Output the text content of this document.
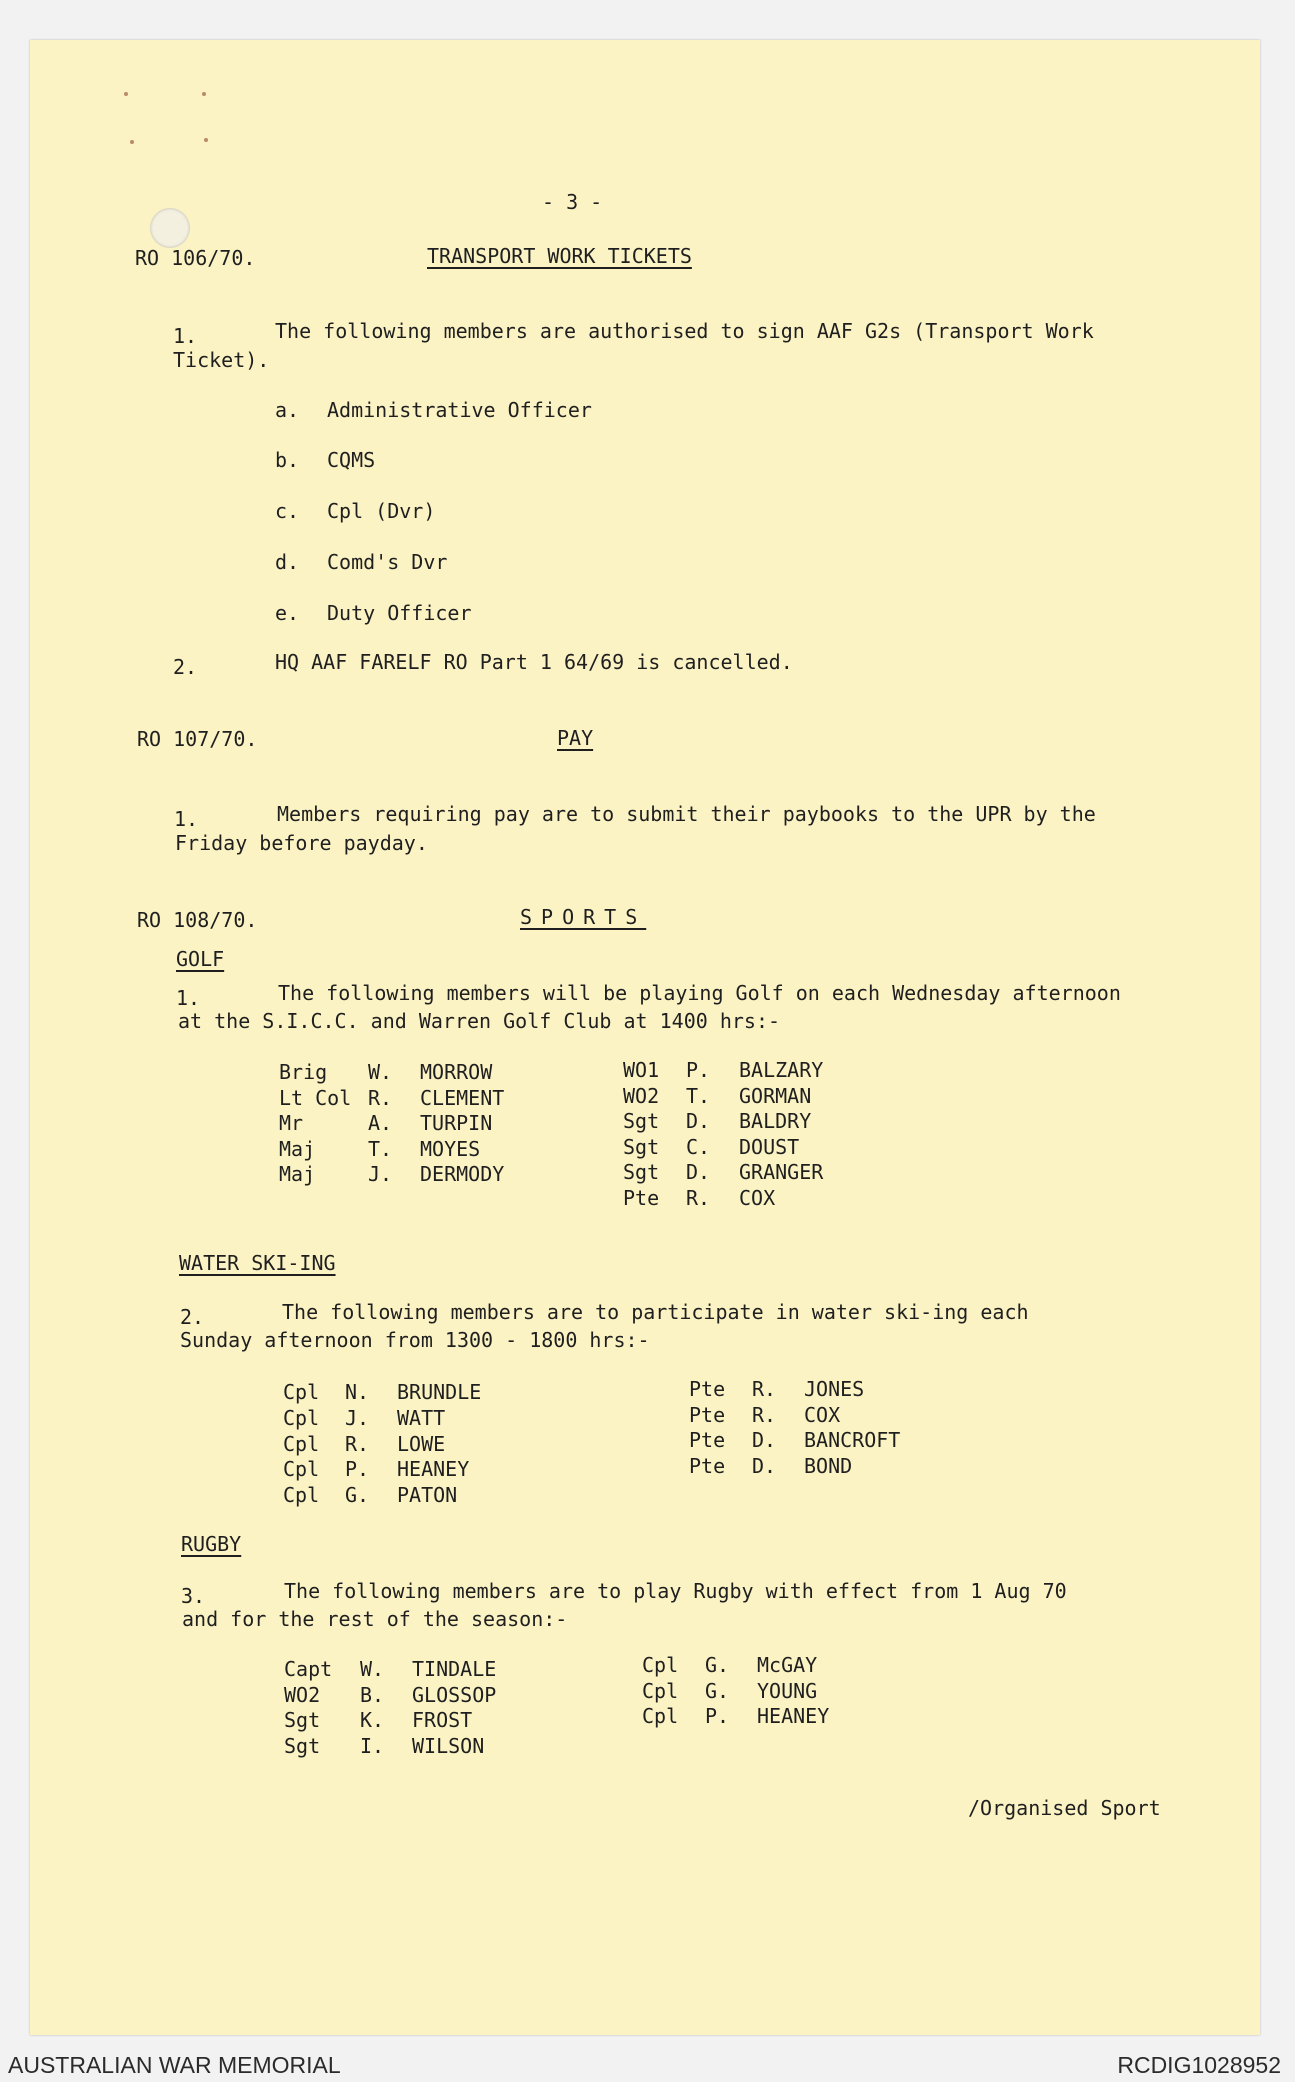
- 3 -
RO 106/70.	TRANSPORT WORK TICKETS
1.	The following members are authorised to sign AAF G2s (Transport Work
Ticket).
a. Administrative Officer
b. CQMS
c. Cpl (Dvr)
d. Comd's Dvr
e. Duty Officer
2.	HQ AAF FARELF RO Part 1 64/69 is cancelled.
RO 107/70.	PAY
1.	Members requiring pay are to submit their paybooks to the UPR by the
Friday before payday.
RO 108/70.	SPORTS
GOLF
1.	The following members will be playing Golf on each Wednesday afternoon
at the S.I.C.C. and Warren Golf Club at 1400 hrs:-
Brig W. MORROW
Lt Col R. CLEMENT
Mr	A. TURPIN
Maj	T. MOYES
Maj	J. DERMODY
WO1 P. BALZARY
WO2 T. GORMAN
Sgt D. BALDRY
Sgt C. DOUST
Sgt D. GRANGER
Pte R. COX
WATER SKI-ING
2.	The following members are to participate in water ski-ing each
Sunday afternoon from 1300 - 1800 hrs:-
Cpl N. BRUNDLE
Cpl J. WATT
Cpl R. LOWE
Cpl P. HEANEY
Cpl G. PATON
Pte R. JONES
Pte R. COX
Pte D. BANCROFT
Pte D. BOND
RUGBY
3.	The following members are to play Rugby with effect from 1 Aug 70
and for the rest of the season:-
Capt W. TINDALE
WO2 B. GLOSSOP
Sgt K. FROST
Sgt I. WILSON
Cpl G. McGAY
Cpl G. YOUNG
Cpl P. HEANEY
/Organised Sport
AUSTRALIAN WAR MEMORIAL	RCDIG1028952
